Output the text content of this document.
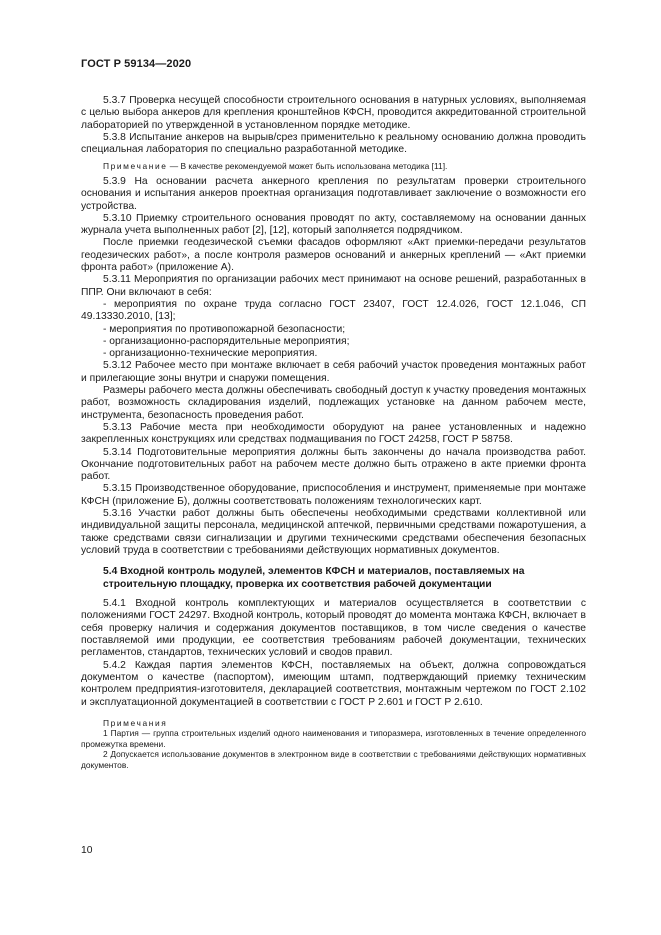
ГОСТ Р 59134—2020

5.3.7 Проверка несущей способности строительного основания в натурных условиях, выполняемая с целью выбора анкеров для крепления кронштейнов КФСН, проводится аккредитованной строительной лабораторией по утвержденной в установленном порядке методике.

5.3.8 Испытание анкеров на вырыв/срез применительно к реальному основанию должна проводить специальная лаборатория по специально разработанной методике.

Примечание — В качестве рекомендуемой может быть использована методика [11].

5.3.9 На основании расчета анкерного крепления по результатам проверки строительного основания и испытания анкеров проектная организация подготавливает заключение о возможности его устройства.

5.3.10 Приемку строительного основания проводят по акту, составляемому на основании данных журнала учета выполненных работ [2], [12], который заполняется подрядчиком.

После приемки геодезической съемки фасадов оформляют «Акт приемки-передачи результатов геодезических работ», а после контроля размеров оснований и анкерных креплений — «Акт приемки фронта работ» (приложение А).

5.3.11 Мероприятия по организации рабочих мест принимают на основе решений, разработанных в ППР. Они включают в себя:

- мероприятия по охране труда согласно ГОСТ 23407, ГОСТ 12.4.026, ГОСТ 12.1.046, СП 49.13330.2010, [13];

- мероприятия по противопожарной безопасности;

- организационно-распорядительные мероприятия;

- организационно-технические мероприятия.

5.3.12 Рабочее место при монтаже включает в себя рабочий участок проведения монтажных работ и прилегающие зоны внутри и снаружи помещения.

Размеры рабочего места должны обеспечивать свободный доступ к участку проведения монтажных работ, возможность складирования изделий, подлежащих установке на данном рабочем месте, инструмента, безопасность проведения работ.

5.3.13 Рабочие места при необходимости оборудуют на ранее установленных и надежно закрепленных конструкциях или средствах подмащивания по ГОСТ 24258, ГОСТ Р 58758.

5.3.14 Подготовительные мероприятия должны быть закончены до начала производства работ. Окончание подготовительных работ на рабочем месте должно быть отражено в акте приемки фронта работ.

5.3.15 Производственное оборудование, приспособления и инструмент, применяемые при монтаже КФСН (приложение Б), должны соответствовать положениям технологических карт.

5.3.16 Участки работ должны быть обеспечены необходимыми средствами коллективной или индивидуальной защиты персонала, медицинской аптечкой, первичными средствами пожаротушения, а также средствами связи сигнализации и другими техническими средствами обеспечения безопасных условий труда в соответствии с требованиями действующих нормативных документов.

5.4 Входной контроль модулей, элементов КФСН и материалов, поставляемых на строительную площадку, проверка их соответствия рабочей документации

5.4.1 Входной контроль комплектующих и материалов осуществляется в соответствии с положениями ГОСТ 24297. Входной контроль, который проводят до момента монтажа КФСН, включает в себя проверку наличия и содержания документов поставщиков, в том числе сведения о качестве поставляемой ими продукции, ее соответствия требованиям рабочей документации, технических регламентов, стандартов, технических условий и сводов правил.

5.4.2 Каждая партия элементов КФСН, поставляемых на объект, должна сопровождаться документом о качестве (паспортом), имеющим штамп, подтверждающий приемку техническим контролем предприятия-изготовителя, декларацией соответствия, монтажным чертежом по ГОСТ 2.102 и эксплуатационной документацией в соответствии с ГОСТ Р 2.601 и ГОСТ Р 2.610.

Примечания

1 Партия — группа строительных изделий одного наименования и типоразмера, изготовленных в течение определенного промежутка времени.

2 Допускается использование документов в электронном виде в соответствии с требованиями действующих нормативных документов.

10
